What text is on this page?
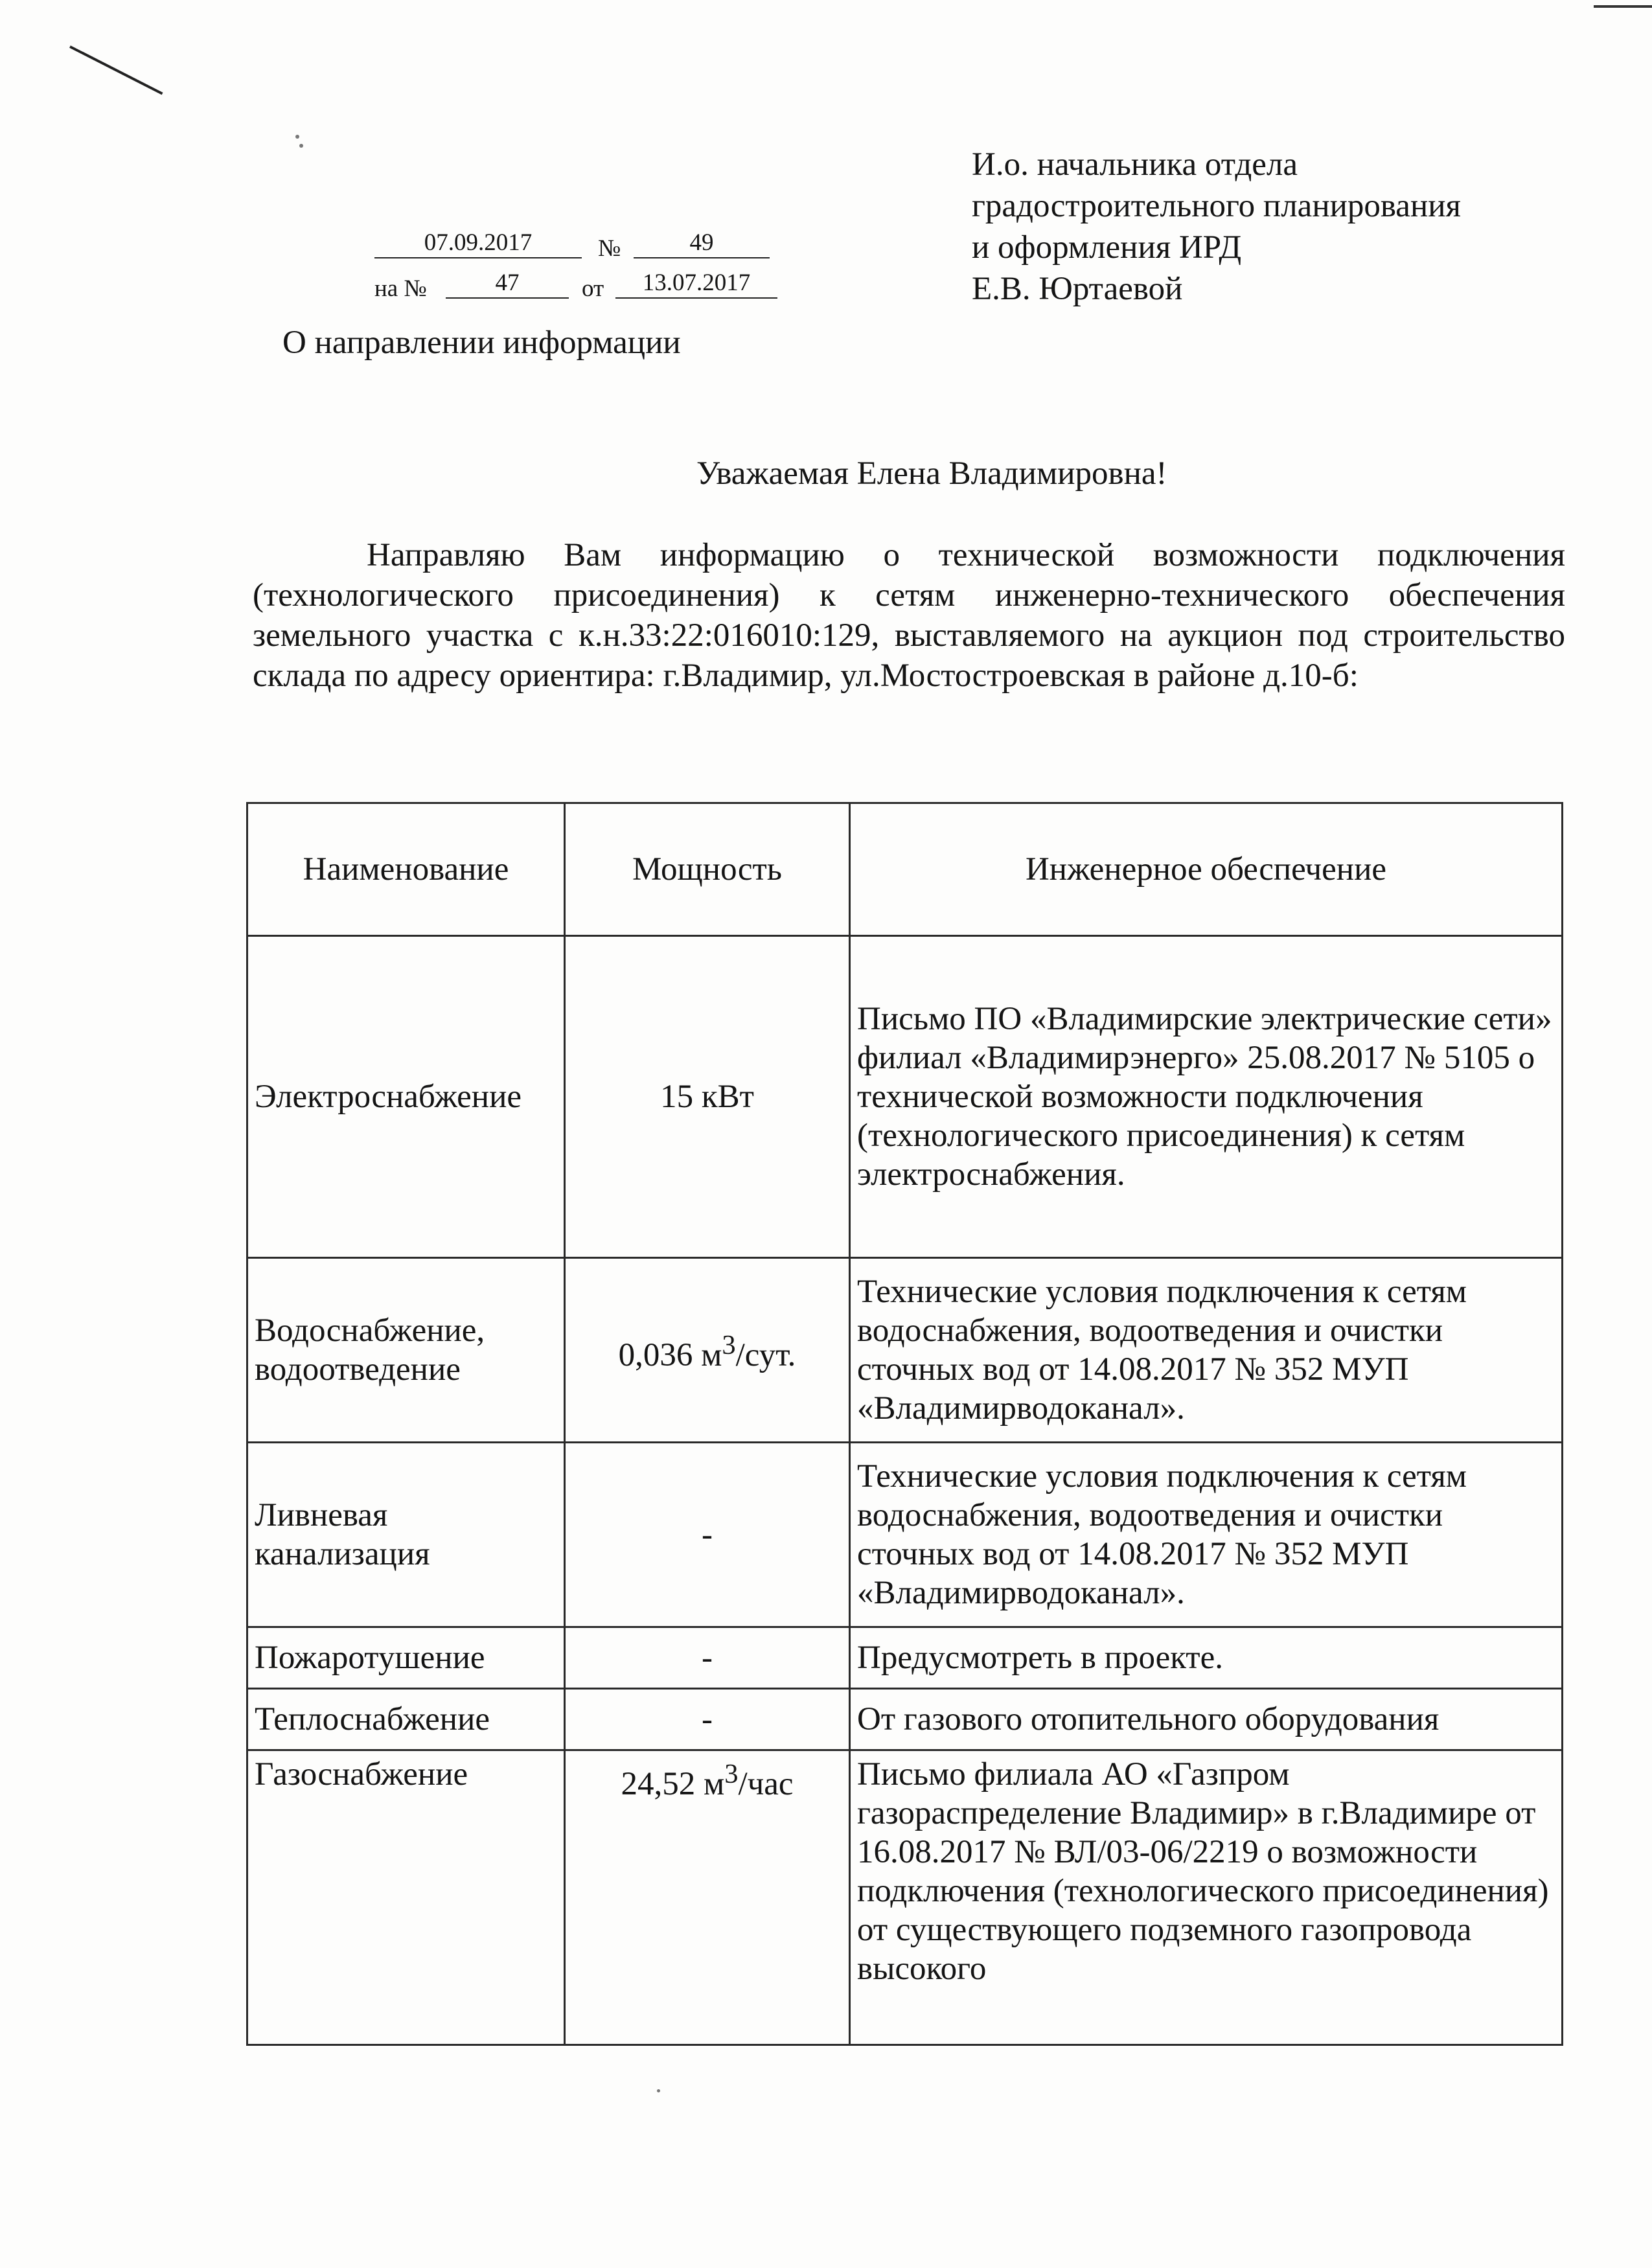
И.о. начальника отдела
градостроительного планирования
и оформления ИРД
Е.В. Юртаевой
07.09.2017	№	49
на №	47	от	13.07.2017
О направлении информации
Уважаемая Елена Владимировна!
Направляю Вам информацию о технической возможности подключения (технологического присоединения) к сетям инженерно-технического обеспечения земельного участка с к.н.33:22:016010:129, выставляемого на аукцион под строительство склада по адресу ориентира: г.Владимир, ул.Мостостроевская в районе д.10-б:
Наименование	Мощность	Инженерное обеспечение
Электроснабжение	15 кВт	Письмо ПО «Владимирские электрические сети» филиал «Владимирэнерго» 25.08.2017 № 5105 о технической возможности подключения (технологического присоединения) к сетям электроснабжения.
Водоснабжение, водоотведение	0,036 $м^3$/сут.	Технические условия подключения к сетям водоснабжения, водоотведения и очистки сточных вод от 14.08.2017 № 352 МУП «Владимирводоканал».
Ливневая канализация	-	Технические условия подключения к сетям водоснабжения, водоотведения и очистки сточных вод от 14.08.2017 № 352 МУП «Владимирводоканал».
Пожаротушение	-	Предусмотреть в проекте.
Теплоснабжение	-	От газового отопительного оборудования
Газоснабжение	24,52 $м^3$/час	Письмо филиала АО «Газпром газораспределение Владимир» в г.Владимире от 16.08.2017 № ВЛ/03-06/2219 о возможности подключения (технологического присоединения) от существующего подземного газопровода высокого
